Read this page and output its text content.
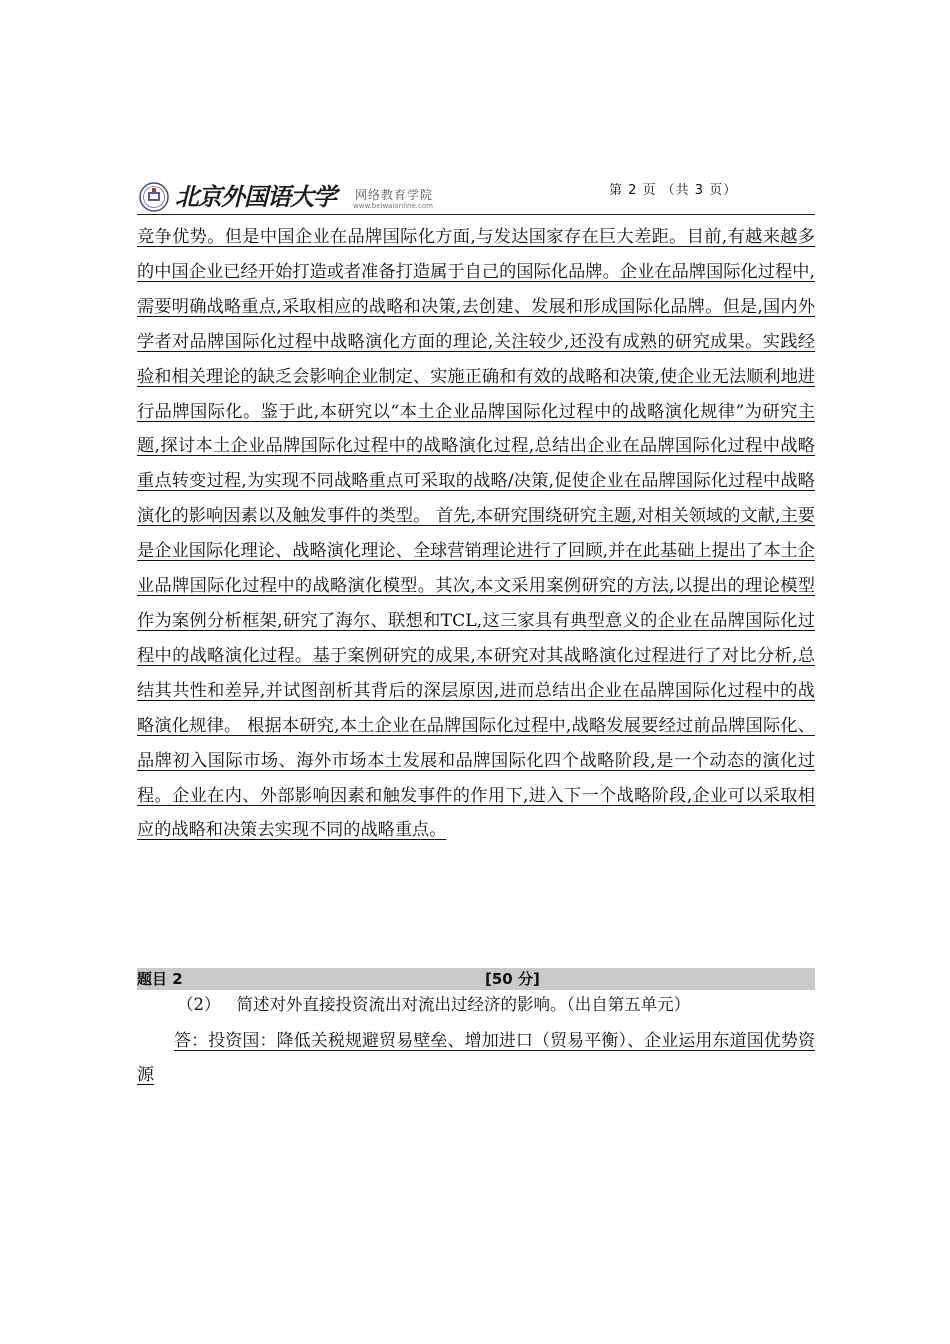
北京外国语大学 网络教育学院
www.beiwaionline.com
第 2 页 （共 3 页）

竞争优势。但是中国企业在品牌国际化方面,与发达国家存在巨大差距。目前,有越来越多的中国企业已经开始打造或者准备打造属于自己的国际化品牌。企业在品牌国际化过程中,需要明确战略重点,采取相应的战略和决策,去创建、发展和形成国际化品牌。但是,国内外学者对品牌国际化过程中战略演化方面的理论,关注较少,还没有成熟的研究成果。实践经验和相关理论的缺乏会影响企业制定、实施正确和有效的战略和决策,使企业无法顺利地进行品牌国际化。鉴于此,本研究以“本土企业品牌国际化过程中的战略演化规律”为研究主题,探讨本土企业品牌国际化过程中的战略演化过程,总结出企业在品牌国际化过程中战略重点转变过程,为实现不同战略重点可采取的战略/决策,促使企业在品牌国际化过程中战略演化的影响因素以及触发事件的类型。 首先,本研究围绕研究主题,对相关领域的文献,主要是企业国际化理论、战略演化理论、全球营销理论进行了回顾,并在此基础上提出了本土企业品牌国际化过程中的战略演化模型。其次,本文采用案例研究的方法,以提出的理论模型作为案例分析框架,研究了海尔、联想和TCL,这三家具有典型意义的企业在品牌国际化过程中的战略演化过程。基于案例研究的成果,本研究对其战略演化过程进行了对比分析,总结其共性和差异,并试图剖析其背后的深层原因,进而总结出企业在品牌国际化过程中的战略演化规律。 根据本研究,本土企业在品牌国际化过程中,战略发展要经过前品牌国际化、品牌初入国际市场、海外市场本土发展和品牌国际化四个战略阶段,是一个动态的演化过程。企业在内、外部影响因素和触发事件的作用下,进入下一个战略阶段,企业可以采取相应的战略和决策去实现不同的战略重点。

题目 2	[50 分]
（2） 简述对外直接投资流出对流出过经济的影响。（出自第五单元）

答：投资国：降低关税规避贸易壁垒、增加进口（贸易平衡）、企业运用东道国优势资源
